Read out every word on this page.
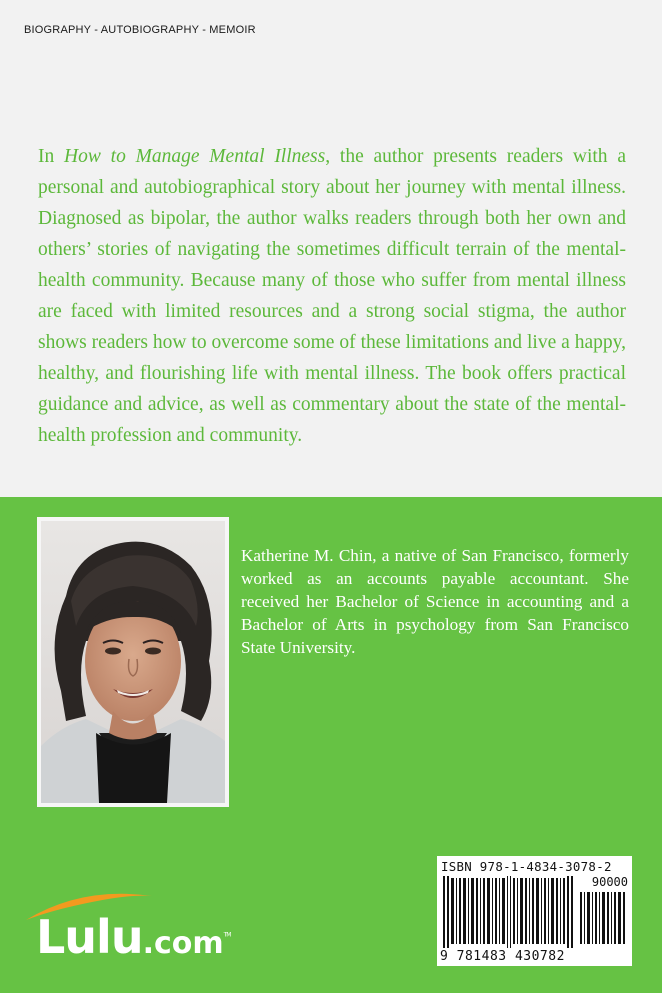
BIOGRAPHY - AUTOBIOGRAPHY - MEMOIR
In How to Manage Mental Illness, the author presents readers with a personal and autobiographical story about her journey with mental illness. Diagnosed as bipolar, the author walks readers through both her own and others’ stories of navigating the sometimes difficult terrain of the mental-health community. Because many of those who suffer from mental illness are faced with limited resources and a strong social stigma, the author shows readers how to overcome some of these limitations and live a happy, healthy, and flourishing life with mental illness. The book offers practical guidance and advice, as well as commentary about the state of the mental-health profession and community.
Katherine M. Chin, a native of San Francisco, formerly worked as an accounts payable accountant. She received her Bachelor of Science in accounting and a Bachelor of Arts in psychology from San Francisco State University.
ISBN 978-1-4834-3078-2
90000
9 781483 430782
Lulu.com™
